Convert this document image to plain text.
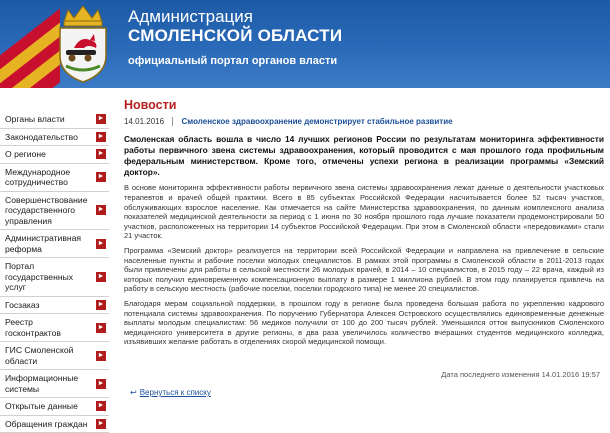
Администрация
СМОЛЕНСКОЙ ОБЛАСТИ
официальный портал органов власти
Органы власти	►
Законодательство	►
О регионе	►
Международное сотрудничество
►
Совершенствование государственного управления
►
Административная реформа
►
Портал государственных услуг
►
Госзаказ	►
Реестр госконтрактов
►
ГИС Смоленской области
►
Информационные системы
►
Открытые данные	►
Обращения граждан ►
Новости
14.01.2016 Смоленское здравоохранение демонстрирует стабильное развитие
Смоленская область вошла в число 14 лучших регионов России по результатам мониторинга эффективности работы первичного звена системы здравоохранения, который проводится с мая прошлого года профильным федеральным министерством. Кроме того, отмечены успехи региона в реализации программы «Земский доктор».
В основе мониторинга эффективности работы первичного звена системы здравоохранения лежат данные о деятельности участковых терапевтов и врачей общей практики. Всего в 85 субъектах Российской Федерации насчитывается более 52 тысяч участков, обслуживающих взрослое население. Как отмечается на сайте Министерства здравоохранения, по данным комплексного анализа показателей медицинской деятельности за период с 1 июня по 30 ноября прошлого года лучшие показатели продемонстрировали 50 участков, расположенных на территории 14 субъектов Российской Федерации. При этом в Смоленской области «передовиками» стали 21 участок.
Программа «Земский доктор» реализуется на территории всей Российской Федерации и направлена на привлечение в сельские населенные пункты и рабочие поселки молодых специалистов. В рамках этой программы в Смоленской области в 2011-2013 годах были привлечены для работы в сельской местности 26 молодых врачей, в 2014 – 10 специалистов, в 2015 году – 22 врача, каждый из которых получил единовременную компенсационную выплату в размере 1 миллиона рублей. В этом году планируется привлечь на работу в сельскую местность (рабочие поселки, поселки городского типа) не менее 20 специалистов.
Благодаря мерам социальной поддержки, в прошлом году в регионе была проведена большая работа по укреплению кадрового потенциала системы здравоохранения. По поручению Губернатора Алексея Островского осуществлялись единовременные денежные выплаты молодым специалистам: 56 медиков получили от 100 до 200 тысяч рублей. Уменьшился отток выпускников Смоленского медицинского университета в другие регионы, в два раза увеличилось количество вчерашних студентов медицинского колледжа, изъявивших желание работать в отделениях скорой медицинской помощи.
Дата последнего изменения 14.01.2016 19:57
↩ Вернуться к списку
